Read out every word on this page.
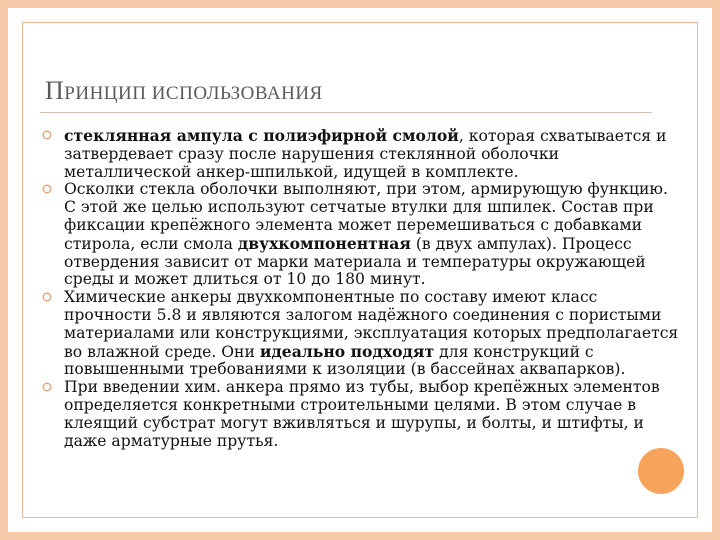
ПРИНЦИП ИСПОЛЬЗОВАНИЯ
стеклянная ампула с полиэфирной смолой, которая схватывается и затвердевает сразу после нарушения стеклянной оболочки металлической анкер-шпилькой, идущей в комплекте.
Осколки стекла оболочки выполняют, при этом, армирующую функцию. С этой же целью используют сетчатые втулки для шпилек. Состав при фиксации крепёжного элемента может перемешиваться с добавками стирола, если смола двухкомпонентная (в двух ампулах). Процесс отвердения зависит от марки материала и температуры окружающей среды и может длиться от 10 до 180 минут.
Химические анкеры двухкомпонентные по составу имеют класс прочности 5.8 и являются залогом надёжного соединения с пористыми материалами или конструкциями, эксплуатация которых предполагается во влажной среде. Они идеально подходят для конструкций с повышенными требованиями к изоляции (в бассейнах аквапарков).
При введении хим. анкера прямо из тубы, выбор крепёжных элементов определяется конкретными строительными целями. В этом случае в клеящий субстрат могут вживляться и шурупы, и болты, и штифты, и даже арматурные прутья.
